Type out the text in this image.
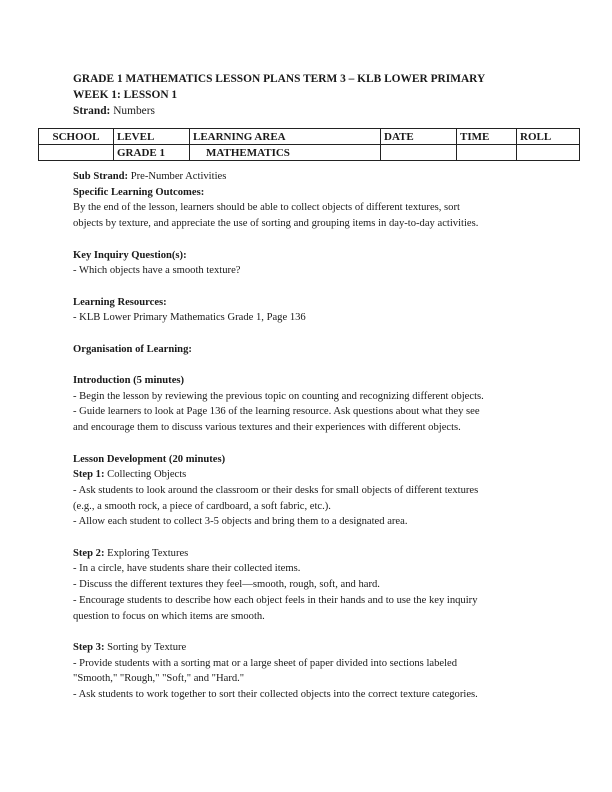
GRADE 1 MATHEMATICS LESSON PLANS TERM 3 – KLB LOWER PRIMARY
WEEK 1: LESSON 1
Strand: Numbers
SCHOOL	LEVEL	LEARNING AREA	DATE	TIME	ROLL
	GRADE 1	MATHEMATICS			

Sub Strand: Pre-Number Activities

Specific Learning Outcomes:

By the end of the lesson, learners should be able to collect objects of different textures, sort

objects by texture, and appreciate the use of sorting and grouping items in day-to-day activities.

Key Inquiry Question(s):

- Which objects have a smooth texture?

Learning Resources:

- KLB Lower Primary Mathematics Grade 1, Page 136

Organisation of Learning:

Introduction (5 minutes)

- Begin the lesson by reviewing the previous topic on counting and recognizing different objects.

- Guide learners to look at Page 136 of the learning resource. Ask questions about what they see

and encourage them to discuss various textures and their experiences with different objects.

Lesson Development (20 minutes)

Step 1: Collecting Objects

- Ask students to look around the classroom or their desks for small objects of different textures

(e.g., a smooth rock, a piece of cardboard, a soft fabric, etc.).

- Allow each student to collect 3-5 objects and bring them to a designated area.

Step 2: Exploring Textures

- In a circle, have students share their collected items.

- Discuss the different textures they feel—smooth, rough, soft, and hard.

- Encourage students to describe how each object feels in their hands and to use the key inquiry

question to focus on which items are smooth.

Step 3: Sorting by Texture

- Provide students with a sorting mat or a large sheet of paper divided into sections labeled

"Smooth," "Rough," "Soft," and "Hard."

- Ask students to work together to sort their collected objects into the correct texture categories.
